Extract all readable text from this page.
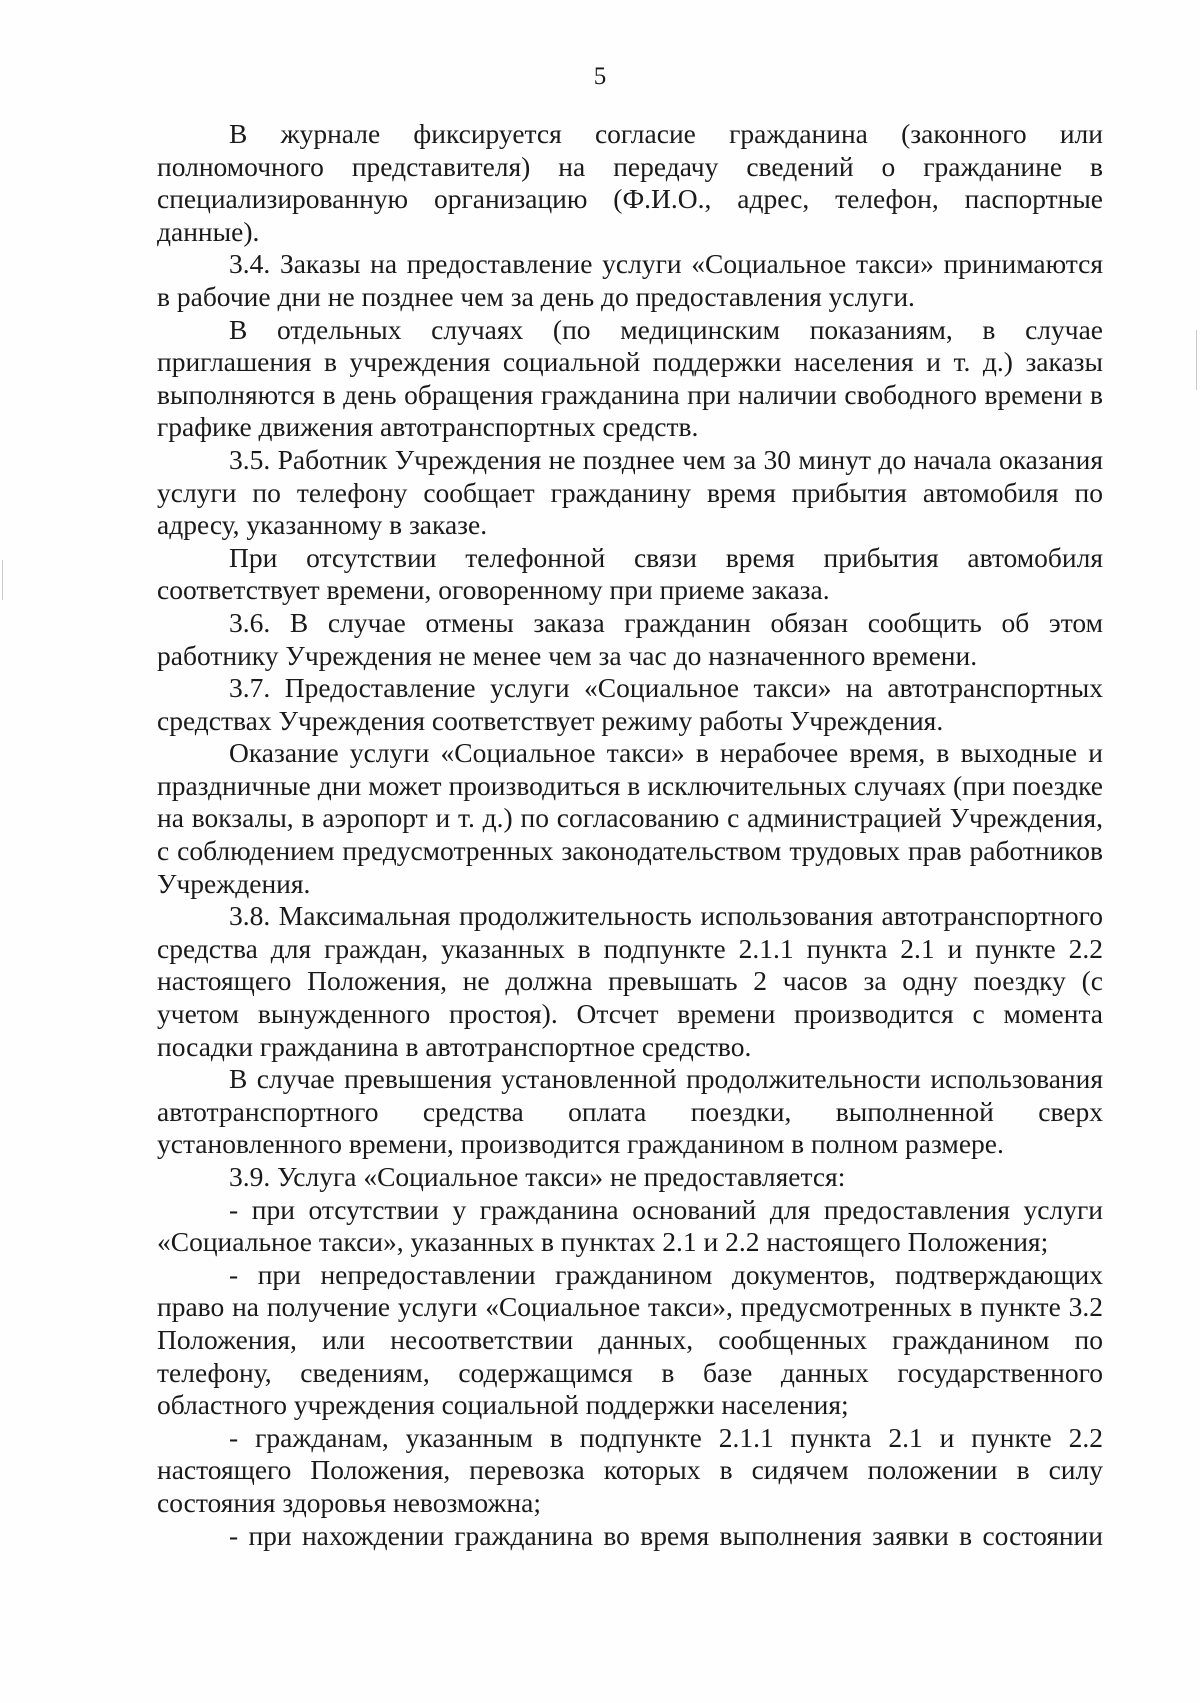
5

В журнале фиксируется согласие гражданина (законного или полномочного представителя) на передачу сведений о гражданине в специализированную организацию (Ф.И.О., адрес, телефон, паспортные данные).

3.4. Заказы на предоставление услуги «Социальное такси» принимаются в рабочие дни не позднее чем за день до предоставления услуги.

В отдельных случаях (по медицинским показаниям, в случае приглашения в учреждения социальной поддержки населения и т. д.) заказы выполняются в день обращения гражданина при наличии свободного времени в графике движения автотранспортных средств.

3.5. Работник Учреждения не позднее чем за 30 минут до начала оказания услуги по телефону сообщает гражданину время прибытия автомобиля по адресу, указанному в заказе.

При отсутствии телефонной связи время прибытия автомобиля соответствует времени, оговоренному при приеме заказа.

3.6. В случае отмены заказа гражданин обязан сообщить об этом работнику Учреждения не менее чем за час до назначенного времени.

3.7. Предоставление услуги «Социальное такси» на автотранспортных средствах Учреждения соответствует режиму работы Учреждения.

Оказание услуги «Социальное такси» в нерабочее время, в выходные и праздничные дни может производиться в исключительных случаях (при поездке на вокзалы, в аэропорт и т. д.) по согласованию с администрацией Учреждения, с соблюдением предусмотренных законодательством трудовых прав работников Учреждения.

3.8. Максимальная продолжительность использования автотранспортного средства для граждан, указанных в подпункте 2.1.1 пункта 2.1 и пункте 2.2 настоящего Положения, не должна превышать 2 часов за одну поездку (с учетом вынужденного простоя). Отсчет времени производится с момента посадки гражданина в автотранспортное средство.

В случае превышения установленной продолжительности использования автотранспортного средства оплата поездки, выполненной сверх установленного времени, производится гражданином в полном размере.

3.9. Услуга «Социальное такси» не предоставляется:

- при отсутствии у гражданина оснований для предоставления услуги «Социальное такси», указанных в пунктах 2.1 и 2.2 настоящего Положения;

- при непредоставлении гражданином документов, подтверждающих право на получение услуги «Социальное такси», предусмотренных в пункте 3.2 Положения, или несоответствии данных, сообщенных гражданином по телефону, сведениям, содержащимся в базе данных государственного областного учреждения социальной поддержки населения;

- гражданам, указанным в подпункте 2.1.1 пункта 2.1 и пункте 2.2 настоящего Положения, перевозка которых в сидячем положении в силу состояния здоровья невозможна;

- при нахождении гражданина во время выполнения заявки в состоянии
